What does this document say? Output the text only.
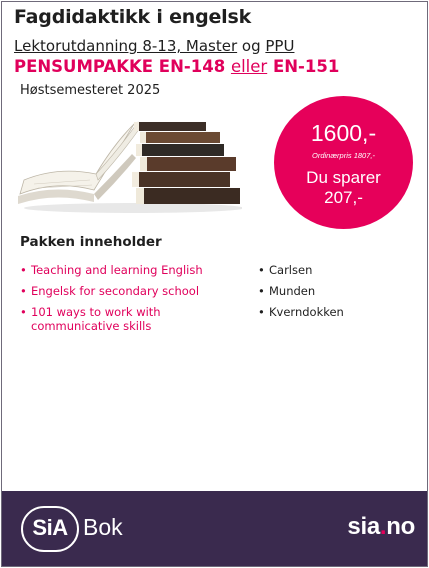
Fagdidaktikk i engelsk
Lektorutdanning 8-13, Master og PPU
PENSUMPAKKE EN-148 eller EN-151
Høstsemesteret 2025
1600,-
Ordinærpris 1807,-
Du sparer
207,-
Pakken inneholder
• Teaching and learning English
• Engelsk for secondary school
• 101 ways to work with communicative skills
• Carlsen
• Munden
• Kverndokken
SiA Bok	sia.no
